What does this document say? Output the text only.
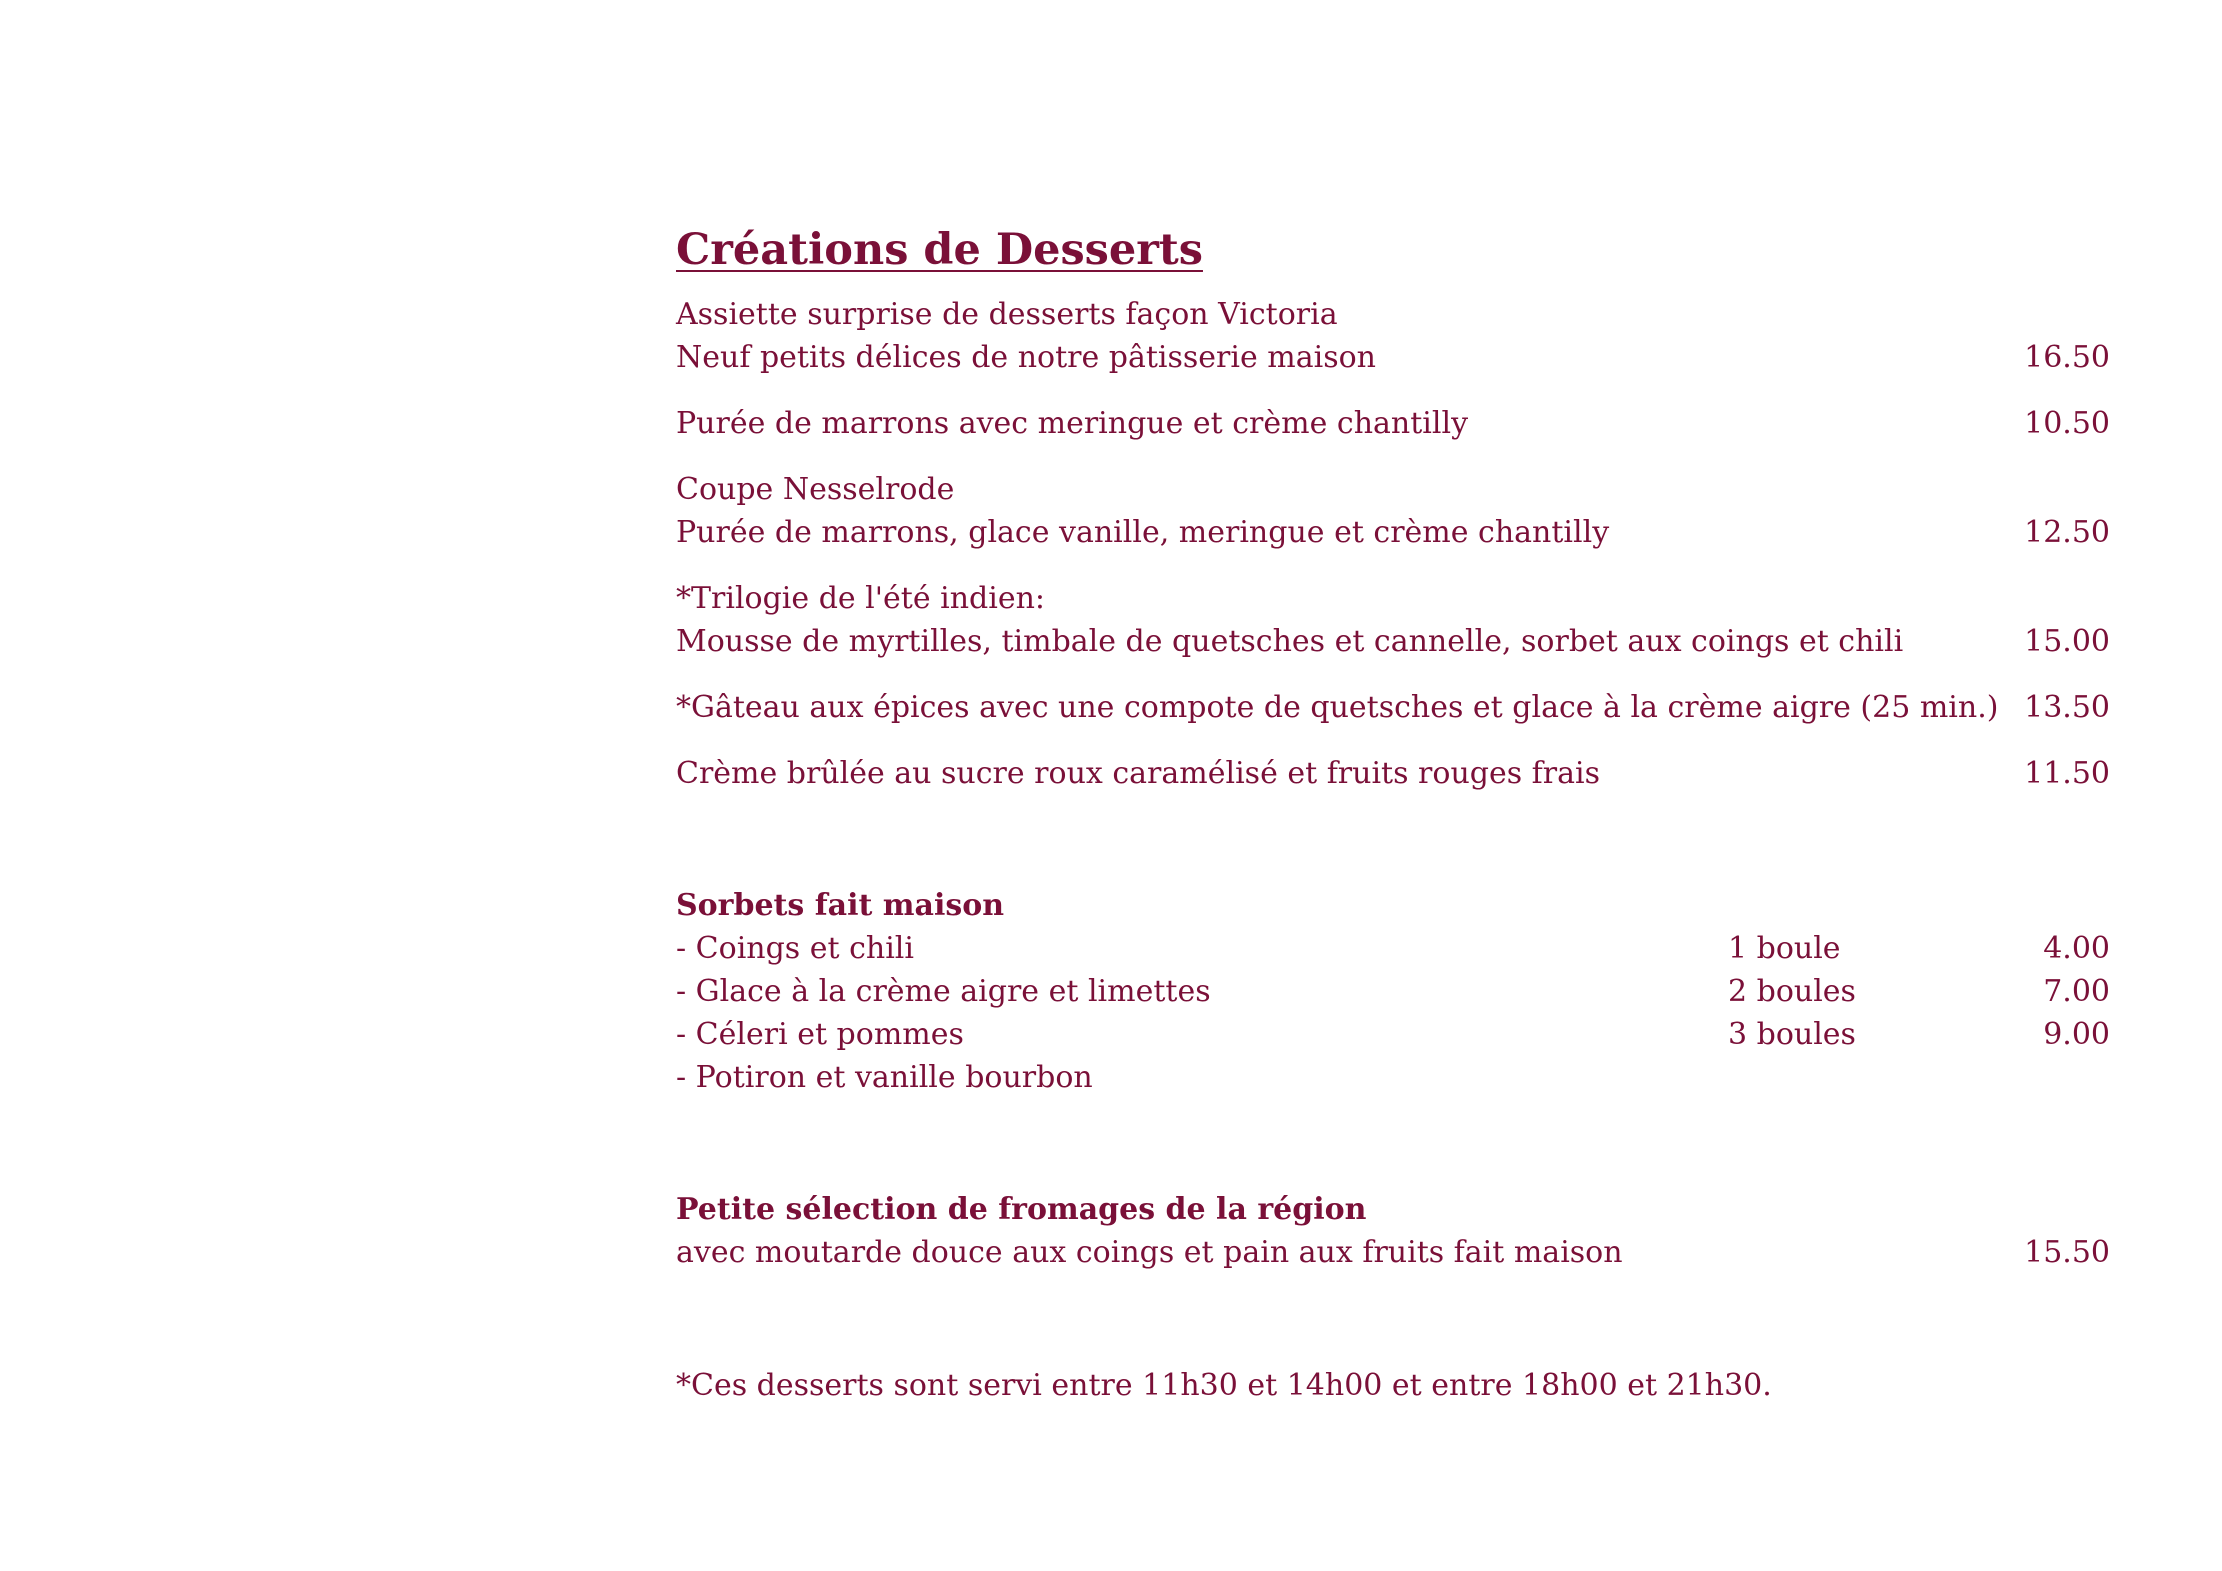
Créations de Desserts
Assiette surprise de desserts façon Victoria
Neuf petits délices de notre pâtisserie maison	16.50
Purée de marrons avec meringue et crème chantilly	10.50
Coupe Nesselrode
Purée de marrons, glace vanille, meringue et crème chantilly	12.50
*Trilogie de l'été indien:
Mousse de myrtilles, timbale de quetsches et cannelle, sorbet aux coings et chili	15.00
*Gâteau aux épices avec une compote de quetsches et glace à la crème aigre (25 min.) 13.50
Crème brûlée au sucre roux caramélisé et fruits rouges frais	11.50
Sorbets fait maison
- Coings et chili	1 boule	4.00
- Glace à la crème aigre et limettes	2 boules	7.00
- Céleri et pommes	3 boules	9.00
- Potiron et vanille bourbon
Petite sélection de fromages de la région
avec moutarde douce aux coings et pain aux fruits fait maison	15.50
*Ces desserts sont servi entre 11h30 et 14h00 et entre 18h00 et 21h30.
